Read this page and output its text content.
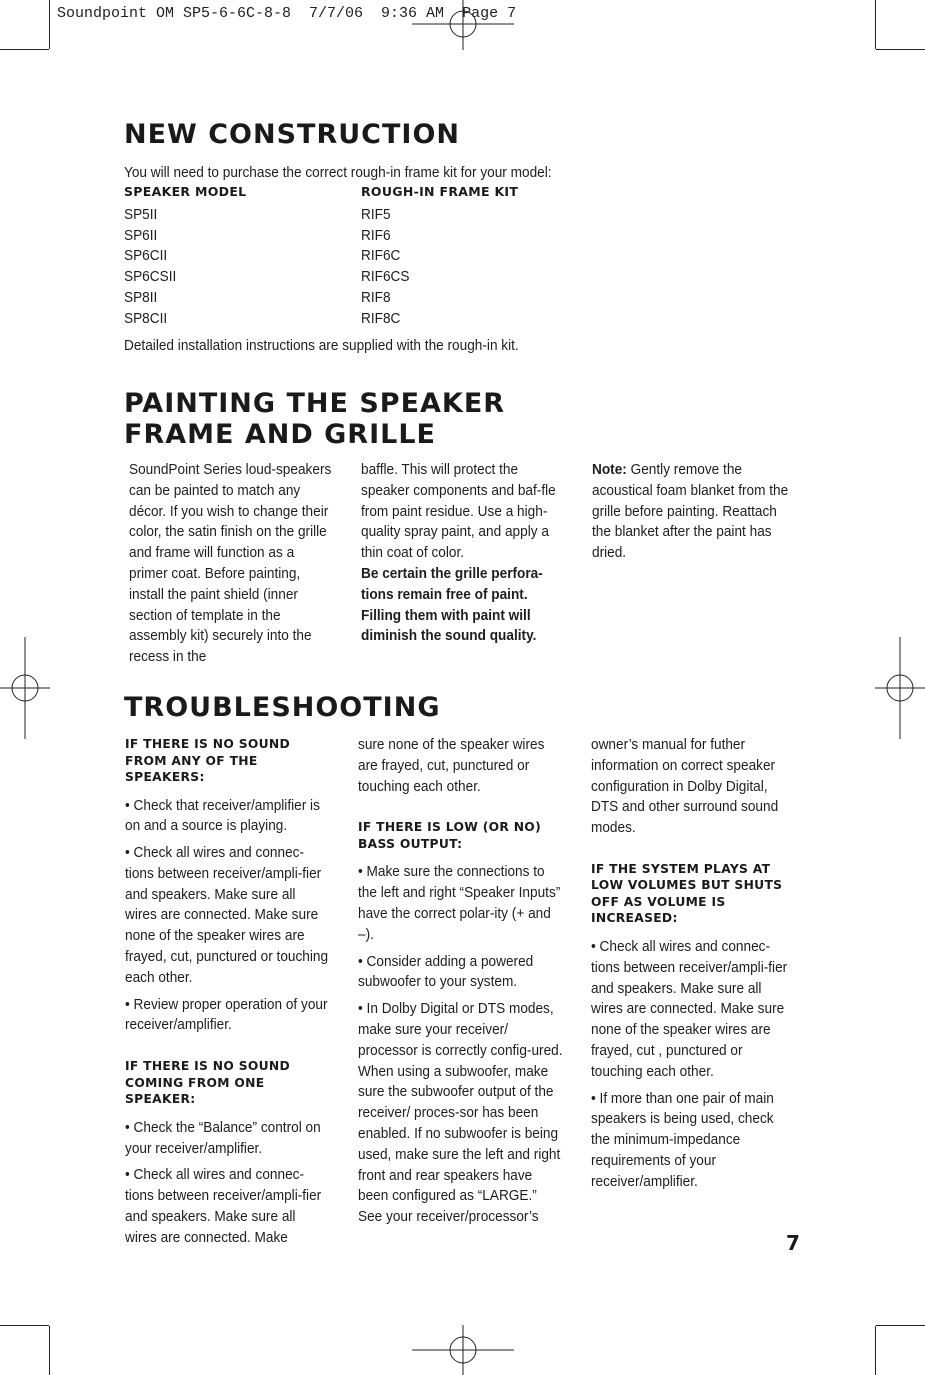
Soundpoint OM SP5-6-6C-8-8  7/7/06  9:36 AM  Page 7
NEW CONSTRUCTION
You will need to purchase the correct rough-in frame kit for your model:
SPEAKER MODEL	ROUGH-IN FRAME KIT

SP5II	RIF5

SP6II	RIF6

SP6CII	RIF6C

SP6CSII	RIF6CS

SP8II	RIF8

SP8CII	RIF8C
Detailed installation instructions are supplied with the rough-in kit.
PAINTING THE SPEAKER
FRAME AND GRILLE
SoundPoint Series loud-speakers can be painted to match any décor. If you wish to change their color, the satin finish on the grille and frame will function as a primer coat. Before painting, install the paint shield (inner section of template in the assembly kit) securely into the recess in the
baffle. This will protect the speaker components and baf-fle from paint residue. Use a high-quality spray paint, and apply a thin coat of color.
Be certain the grille perfora-tions remain free of paint. Filling them with paint will diminish the sound quality.
Note: Gently remove the acoustical foam blanket from the grille before painting. Reattach the blanket after the paint has dried.
TROUBLESHOOTING
IF THERE IS NO SOUND FROM ANY OF THE SPEAKERS:
• Check that receiver/amplifier is on and a source is playing.
• Check all wires and connec-tions between receiver/ampli-fier and speakers. Make sure all wires are connected. Make sure none of the speaker wires are frayed, cut, punctured or touching each other.
• Review proper operation of your receiver/amplifier.
IF THERE IS NO SOUND COMING FROM ONE SPEAKER:
• Check the “Balance” control on your receiver/amplifier.
• Check all wires and connec-tions between receiver/ampli-fier and speakers. Make sure all wires are connected. Make
sure none of the speaker wires are frayed, cut, punctured or touching each other.
IF THERE IS LOW (OR NO) BASS OUTPUT:
• Make sure the connections to the left and right “Speaker Inputs” have the correct polar-ity (+ and –).
• Consider adding a powered subwoofer to your system.
• In Dolby Digital or DTS modes, make sure your receiver/ processor is correctly config-ured. When using a subwoofer, make sure the subwoofer output of the receiver/ proces-sor has been enabled. If no subwoofer is being used, make sure the left and right front and rear speakers have been configured as “LARGE.” See your receiver/processor’s
owner’s manual for futher information on correct speaker configuration in Dolby Digital, DTS and other surround sound modes.
IF THE SYSTEM PLAYS AT LOW VOLUMES BUT SHUTS OFF AS VOLUME IS INCREASED:
• Check all wires and connec-tions between receiver/ampli-fier and speakers. Make sure all wires are connected. Make sure none of the speaker wires are frayed, cut , punctured or touching each other.
• If more than one pair of main speakers is being used, check the minimum-impedance requirements of your receiver/amplifier.
7
